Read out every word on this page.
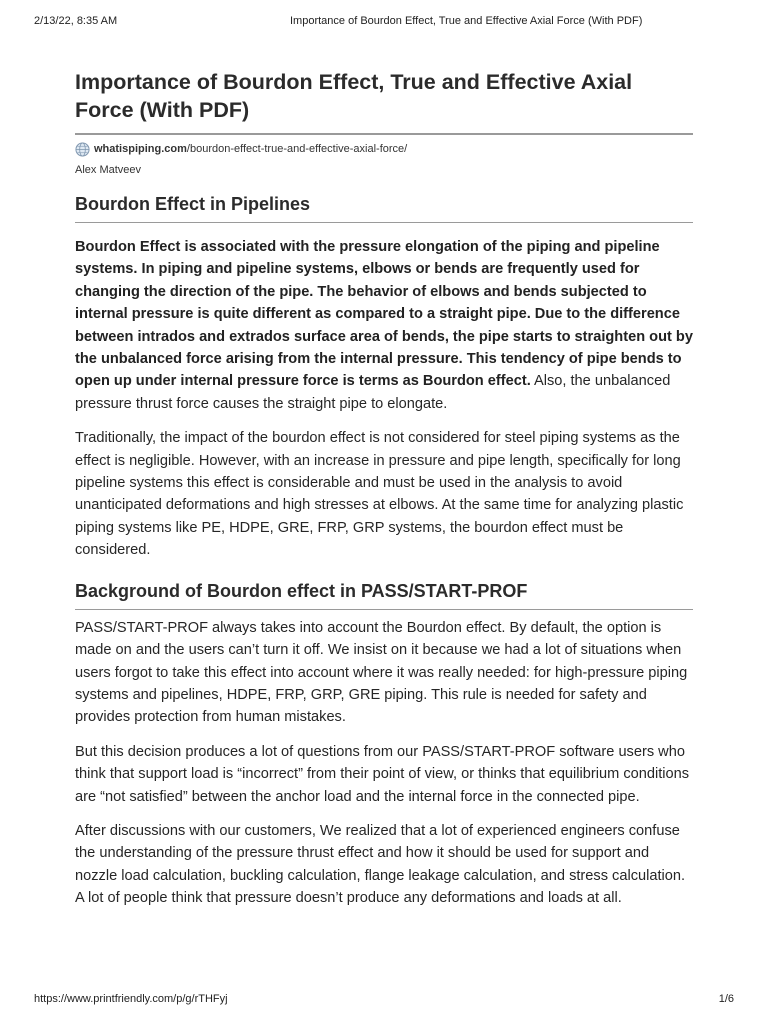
2/13/22, 8:35 AM	Importance of Bourdon Effect, True and Effective Axial Force (With PDF)
Importance of Bourdon Effect, True and Effective Axial Force (With PDF)
whatispiping.com /bourdon-effect-true-and-effective-axial-force/
Alex Matveev
Bourdon Effect in Pipelines

Bourdon Effect is associated with the pressure elongation of the piping and pipeline systems. In piping and pipeline systems, elbows or bends are frequently used for changing the direction of the pipe. The behavior of elbows and bends subjected to internal pressure is quite different as compared to a straight pipe. Due to the difference between intrados and extrados surface area of bends, the pipe starts to straighten out by the unbalanced force arising from the internal pressure. This tendency of pipe bends to open up under internal pressure force is terms as Bourdon effect. Also, the unbalanced pressure thrust force causes the straight pipe to elongate.

Traditionally, the impact of the bourdon effect is not considered for steel piping systems as the effect is negligible. However, with an increase in pressure and pipe length, specifically for long pipeline systems this effect is considerable and must be used in the analysis to avoid unanticipated deformations and high stresses at elbows. At the same time for analyzing plastic piping systems like PE, HDPE, GRE, FRP, GRP systems, the bourdon effect must be considered.

Background of Bourdon effect in PASS/START-PROF

PASS/START-PROF always takes into account the Bourdon effect. By default, the option is made on and the users can’t turn it off. We insist on it because we had a lot of situations when users forgot to take this effect into account where it was really needed: for high-pressure piping systems and pipelines, HDPE, FRP, GRP, GRE piping. This rule is needed for safety and provides protection from human mistakes.

But this decision produces a lot of questions from our PASS/START-PROF software users who think that support load is “incorrect” from their point of view, or thinks that equilibrium conditions are “not satisfied” between the anchor load and the internal force in the connected pipe.

After discussions with our customers, We realized that a lot of experienced engineers confuse the understanding of the pressure thrust effect and how it should be used for support and nozzle load calculation, buckling calculation, flange leakage calculation, and stress calculation. A lot of people think that pressure doesn’t produce any deformations and loads at all.

https://www.printfriendly.com/p/g/rTHFyj	1/6
